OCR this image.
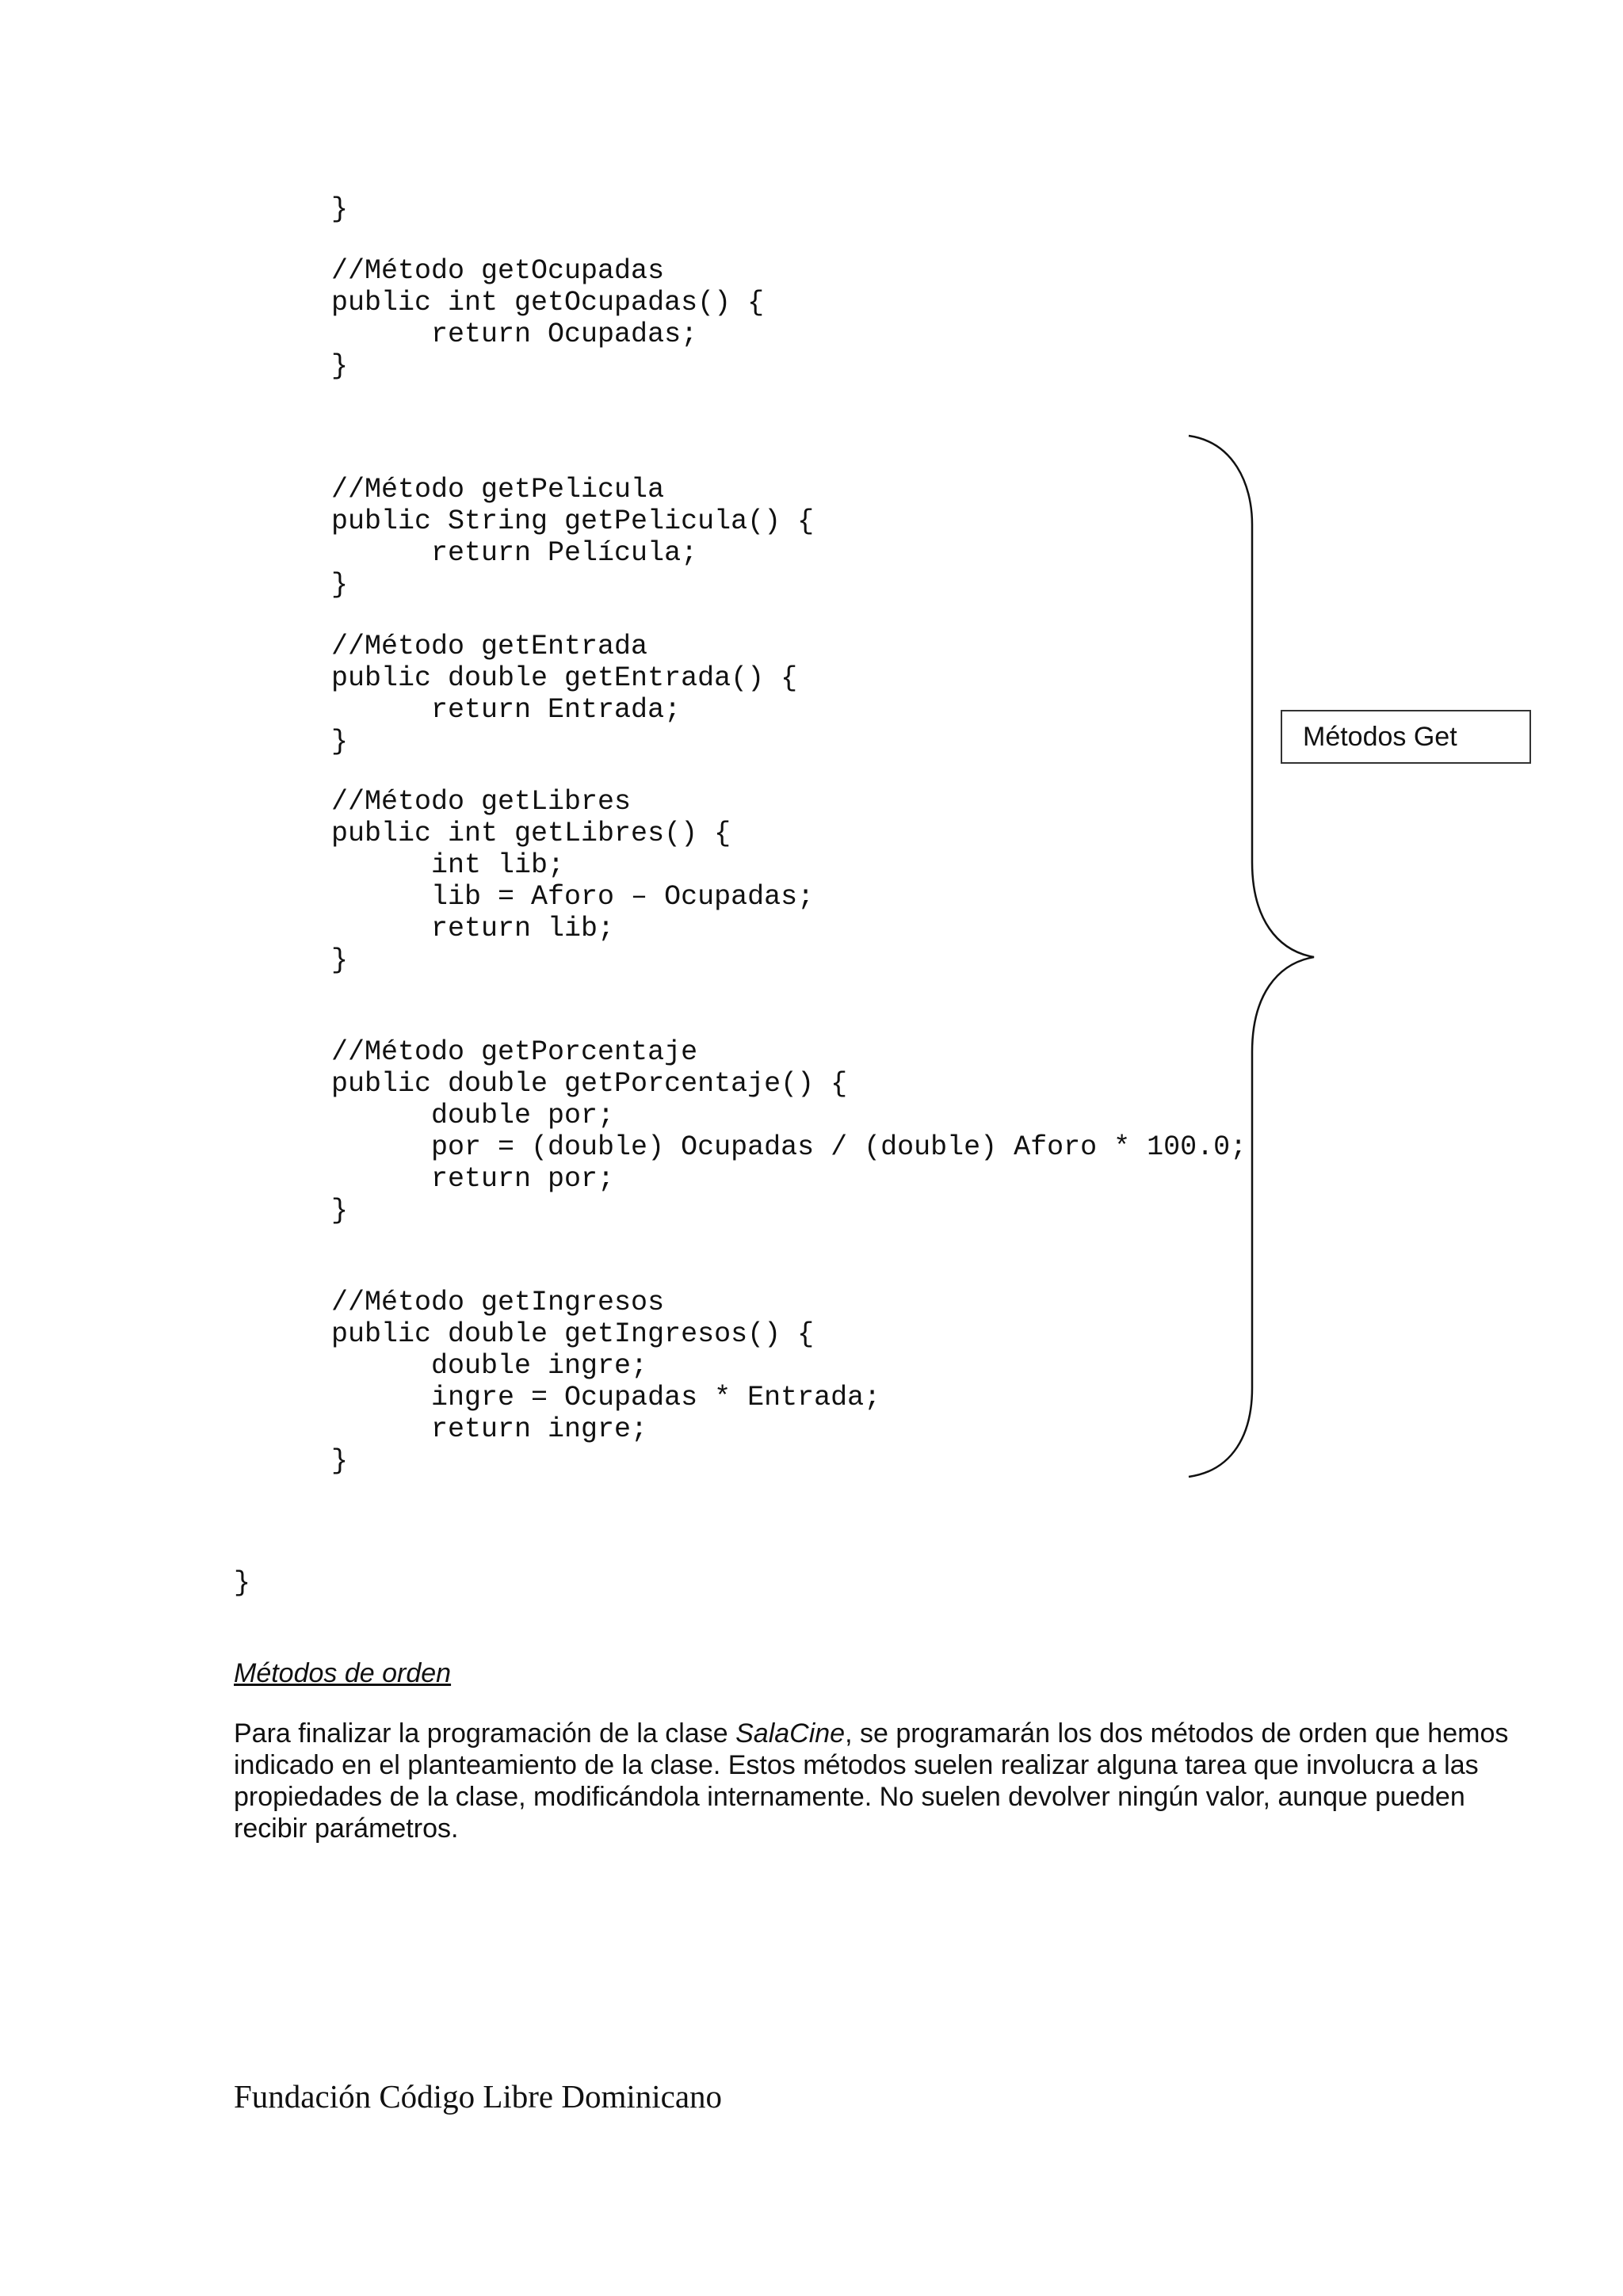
}

//Método getOcupadas

public int getOcupadas() {

return Ocupadas;

}

//Método getPelicula

public String getPelicula() {

return Película;

}

//Método getEntrada

public double getEntrada() {

return Entrada;

}

//Método getLibres

public int getLibres() {

int lib;

lib = Aforo – Ocupadas;

return lib;

}

//Método getPorcentaje

public double getPorcentaje() {

double por;

por = (double) Ocupadas / (double) Aforo * 100.0;

return por;

}

//Método getIngresos

public double getIngresos() {

double ingre;

ingre = Ocupadas * Entrada;

return ingre;

}

}

Métodos Get

Métodos de orden

Para finalizar la programación de la clase SalaCine, se programarán los dos métodos de orden que hemos indicado en el planteamiento de la clase. Estos métodos suelen realizar alguna tarea que involucra a las propiedades de la clase, modificándola internamente. No suelen devolver ningún valor, aunque pueden recibir parámetros.

Fundación Código Libre Dominicano
